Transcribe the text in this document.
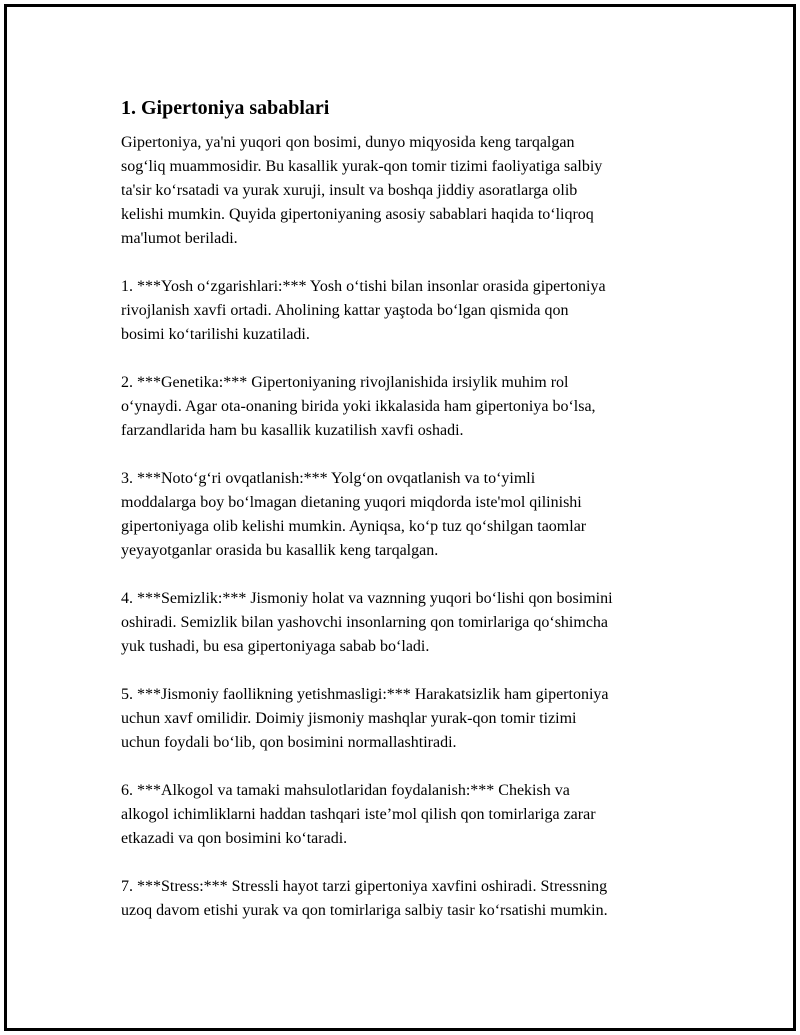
1. Gipertoniya sabablari
Gipertoniya, ya'ni yuqori qon bosimi, dunyo miqyosida keng tarqalgan
sog‘liq muammosidir. Bu kasallik yurak-qon tomir tizimi faoliyatiga salbiy
ta'sir ko‘rsatadi va yurak xuruji, insult va boshqa jiddiy asoratlarga olib
kelishi mumkin. Quyida gipertoniyaning asosiy sabablari haqida to‘liqroq
ma'lumot beriladi.
1. ***Yosh o‘zgarishlari:*** Yosh o‘tishi bilan insonlar orasida gipertoniya
rivojlanish xavfi ortadi. Aholining kattar yaştoda bo‘lgan qismida qon
bosimi ko‘tarilishi kuzatiladi.
2. ***Genetika:*** Gipertoniyaning rivojlanishida irsiylik muhim rol
o‘ynaydi. Agar ota-onaning birida yoki ikkalasida ham gipertoniya bo‘lsa,
farzandlarida ham bu kasallik kuzatilish xavfi oshadi.
3. ***Noto‘g‘ri ovqatlanish:*** Yolg‘on ovqatlanish va to‘yimli
moddalarga boy bo‘lmagan dietaning yuqori miqdorda iste'mol qilinishi
gipertoniyaga olib kelishi mumkin. Ayniqsa, ko‘p tuz qo‘shilgan taomlar
yeyayotganlar orasida bu kasallik keng tarqalgan.
4. ***Semizlik:*** Jismoniy holat va vaznning yuqori bo‘lishi qon bosimini
oshiradi. Semizlik bilan yashovchi insonlarning qon tomirlariga qo‘shimcha
yuk tushadi, bu esa gipertoniyaga sabab bo‘ladi.
5. ***Jismoniy faollikning yetishmasligi:*** Harakatsizlik ham gipertoniya
uchun xavf omilidir. Doimiy jismoniy mashqlar yurak-qon tomir tizimi
uchun foydali bo‘lib, qon bosimini normallashtiradi.
6. ***Alkogol va tamaki mahsulotlaridan foydalanish:*** Chekish va
alkogol ichimliklarni haddan tashqari iste’mol qilish qon tomirlariga zarar
etkazadi va qon bosimini ko‘taradi.
7. ***Stress:*** Stressli hayot tarzi gipertoniya xavfini oshiradi. Stressning
uzoq davom etishi yurak va qon tomirlariga salbiy tasir ko‘rsatishi mumkin.
